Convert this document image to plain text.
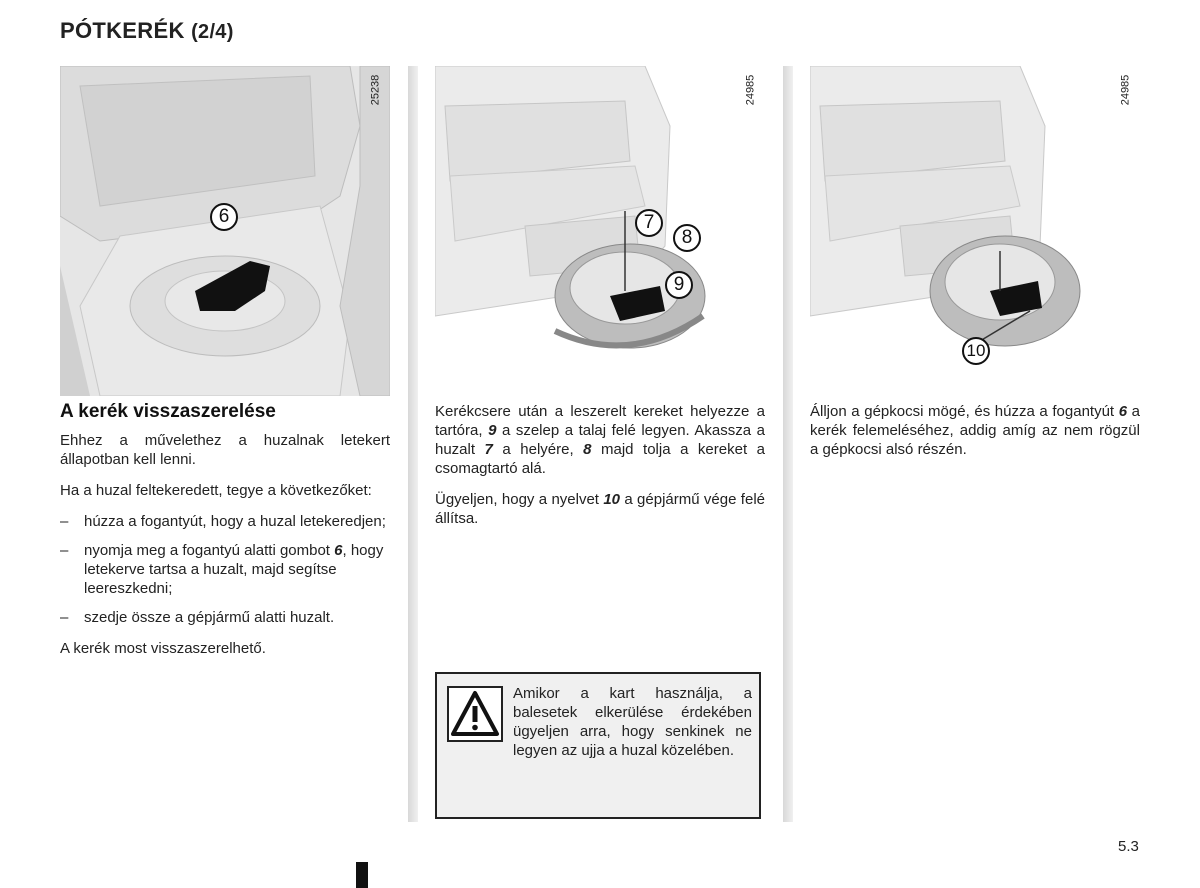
PÓTKERÉK (2/4)
25238
6
24985
7
8
9
24985
10
A kerék visszaszerelése

Ehhez a művelethez a huzalnak letekert állapotban kell lenni.

Ha a huzal feltekeredett, tegye a következőket:

– húzza a fogantyút, hogy a huzal letekeredjen;
– nyomja meg a fogantyú alatti gombot 6, hogy letekerve tartsa a huzalt, majd segítse leereszkedni;
– szedje össze a gépjármű alatti huzalt.

A kerék most visszaszerelhető.

Kerékcsere után a leszerelt kereket helyezze a tartóra, 9 a szelep a talaj felé legyen. Akassza a huzalt 7 a helyére, 8 majd tolja a kereket a csomagtartó alá.

Ügyeljen, hogy a nyelvet 10 a gépjármű vége felé állítsa.

Álljon a gépkocsi mögé, és húzza a fogantyút 6 a kerék felemeléséhez, addig amíg az nem rögzül a gépkocsi alsó részén.

Amikor a kart használja, a balesetek elkerülése érdekében ügyeljen arra, hogy senkinek ne legyen az ujja a huzal közelében.
5.3
